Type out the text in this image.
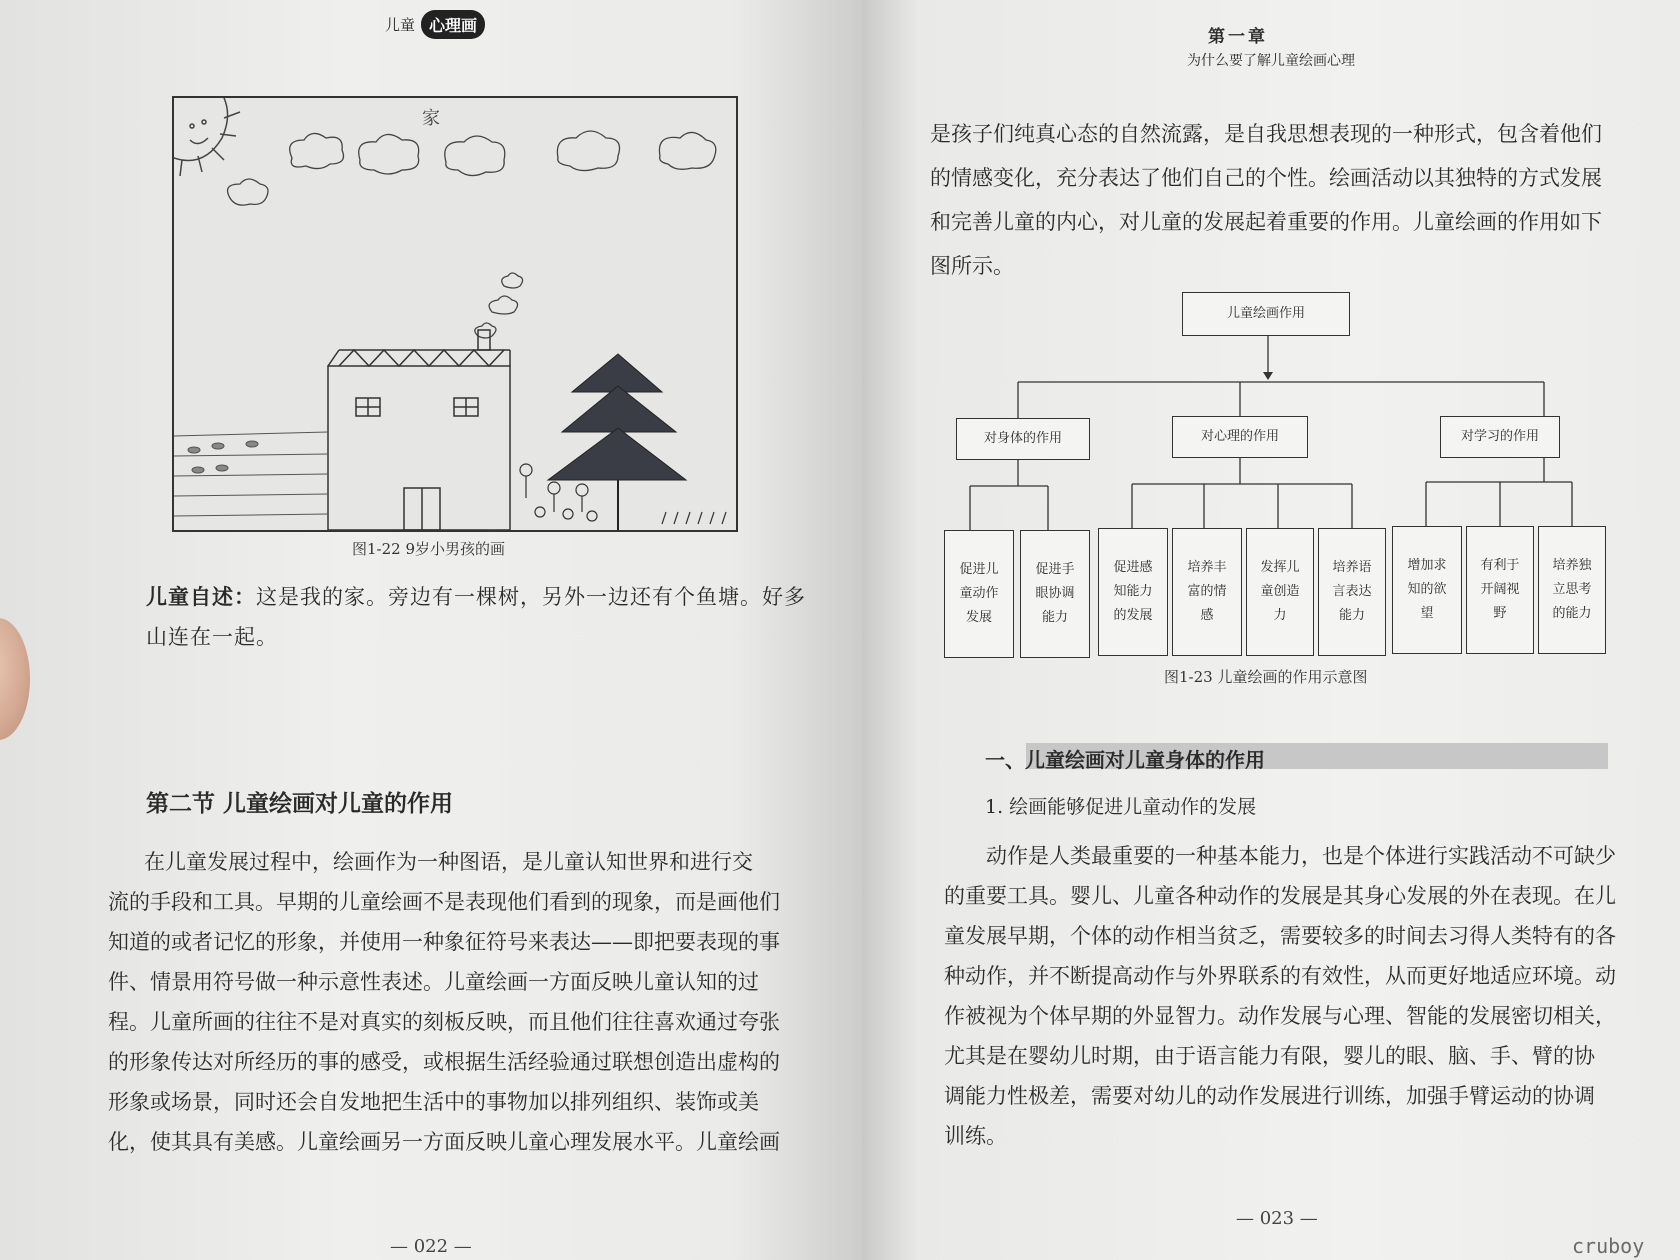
儿童 心理画
家
图1-22 9岁小男孩的画
儿童自述：这是我的家。旁边有一棵树，另外一边还有个鱼塘。好多山连在一起。
第二节 儿童绘画对儿童的作用
在儿童发展过程中，绘画作为一种图语，是儿童认知世界和进行交
流的手段和工具。早期的儿童绘画不是表现他们看到的现象，而是画他们
知道的或者记忆的形象，并使用一种象征符号来表达——即把要表现的事
件、情景用符号做一种示意性表述。儿童绘画一方面反映儿童认知的过
程。儿童所画的往往不是对真实的刻板反映，而且他们往往喜欢通过夸张
的形象传达对所经历的事的感受，或根据生活经验通过联想创造出虚构的
形象或场景，同时还会自发地把生活中的事物加以排列组织、装饰或美
化，使其具有美感。儿童绘画另一方面反映儿童心理发展水平。儿童绘画
— 022 —
第一章
为什么要了解儿童绘画心理
是孩子们纯真心态的自然流露，是自我思想表现的一种形式，包含着他们
的情感变化，充分表达了他们自己的个性。绘画活动以其独特的方式发展
和完善儿童的内心，对儿童的发展起着重要的作用。儿童绘画的作用如下
图所示。
儿童绘画作用
对身体的作用	对心理的作用	对学习的作用
促进儿童动作发展
促进手眼协调能力
促进感知能力的发展
培养丰富的情感
发挥儿童创造力
培养语言表达能力
增加求知的欲望
有利于开阔视野
培养独立思考的能力
图1-23 儿童绘画的作用示意图
一、儿童绘画对儿童身体的作用
1. 绘画能够促进儿童动作的发展
动作是人类最重要的一种基本能力，也是个体进行实践活动不可缺少
的重要工具。婴儿、儿童各种动作的发展是其身心发展的外在表现。在儿
童发展早期，个体的动作相当贫乏，需要较多的时间去习得人类特有的各
种动作，并不断提高动作与外界联系的有效性，从而更好地适应环境。动
作被视为个体早期的外显智力。动作发展与心理、智能的发展密切相关，
尤其是在婴幼儿时期，由于语言能力有限，婴儿的眼、脑、手、臂的协
调能力性极差，需要对幼儿的动作发展进行训练，加强手臂运动的协调
训练。
— 023 —
cruboy
